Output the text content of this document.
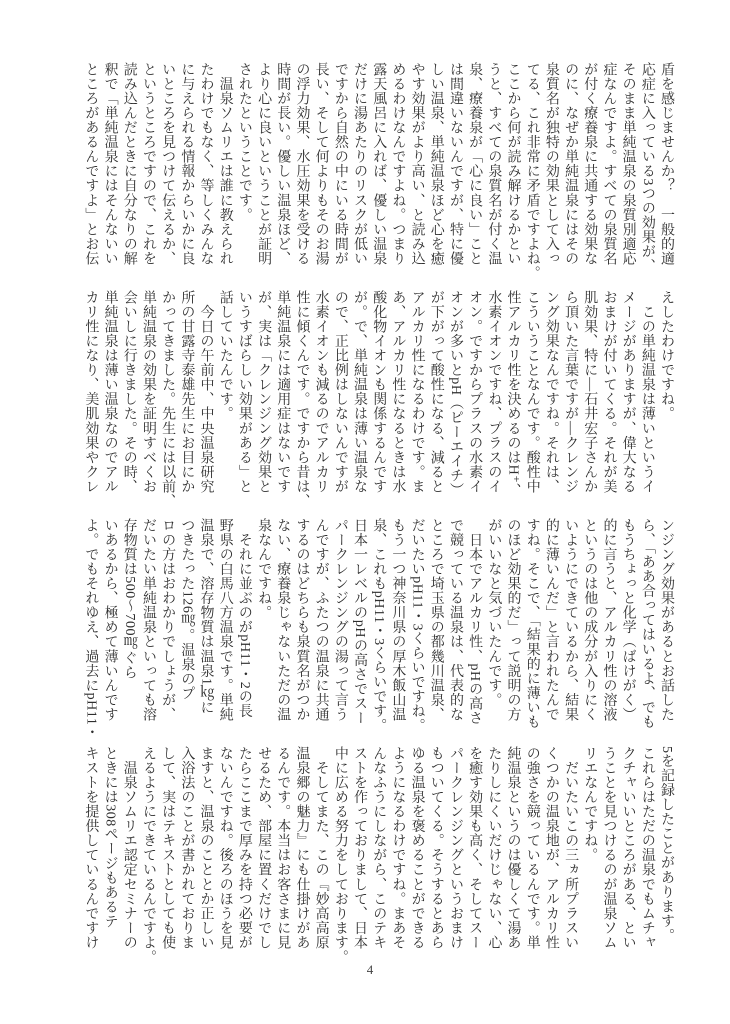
盾を感じませんか？　一般的適
応症に入っている3つの効果が、
そのまま単純温泉の泉質別適応
症なんですよ。すべての泉質名
が付く療養泉に共通する効果な
のに、なぜか単純温泉にはその
泉質名が独特の効果として入っ
てる、これ非常に矛盾ですよね。
ここから何が読み解けるかとい
うと、すべての泉質名が付く温
泉、療養泉が「心に良い」こと
は間違いないんですが、特に優
しい温泉、単純温泉ほど心を癒
やす効果がより高い、と読み込
めるわけなんですよね。つまり
露天風呂に入れば、優しい温泉
だけに湯あたりのリスクが低い
ですから自然の中にいる時間が
長い、そして何よりもそのお湯
の浮力効果、水圧効果を受ける
時間が長い。優しい温泉ほど、
より心に良いということが証明
されたということです。
　温泉ソムリエは誰に教えられ
たわけでもなく、等しくみんな
に与えられる情報からいかに良
いところを見つけて伝えるか、
というところですので、これを
読み込んだときに自分なりの解
釈で「単純温泉にはそんないい
ところがあるんですよ」とお伝
えしたわけですね。
　この単純温泉は薄いというイ
メージがありますが、偉大なる
おまけが付いてくる。それが美
肌効果、特に―石井宏子さんか
ら頂いた言葉ですが―クレンジ
ング効果なんですね。それは、
こういうことなんです。酸性中
性アルカリ性を決めるのはH⁺、
水素イオンですね、プラスのイ
オン。ですからプラスの水素イ
オンが多いとpH（ピーエイチ）
が下がって酸性になる、減ると
アルカリ性になるわけです。ま
あ、アルカリ性になるときは水
酸化物イオンも関係するんです
が。で、単純温泉は薄い温泉な
ので、正比例はしないんですが
水素イオンも減るのでアルカリ
性に傾くんです。ですから昔は、
単純温泉には適用症はないです
が、実は「クレンジング効果と
いうすばらしい効果がある」と
話していたんです。
　今日の午前中、中央温泉研究
所の甘露寺泰雄先生にお目にか
かってきました。先生には以前、
単純温泉の効果を証明すべくお
会いしに行きました。その時、
単純温泉は薄い温泉なのでアル
カリ性になり、美肌効果やクレ
ンジング効果があるとお話した
ら、「ああ合ってはいるよ、でも
もうちょっと化学（ばけがく）
的に言うと、アルカリ性の溶液
というのは他の成分が入りにく
いようにできているから、結果
的に薄いんだ」と言われたんで
すね。そこで、「結果的に薄いも
のほど効果的だ」って説明の方
がいいなと気づいたんです。
　日本でアルカリ性、pHの高さ
で競っている温泉は、代表的な
ところで埼玉県の都幾川温泉、
だいたいpH11・3くらいですね。
もう一つ神奈川県の厚木飯山温
泉、これもpH11・3くらいです。
日本一レベルのpHの高さでスー
パークレンジングの湯って言う
んですが、ふたつの温泉に共通
するのはどちらも泉質名がつか
ない、療養泉じゃないただの温
泉なんですね。
　それに並ぶのがpH11・2の長
野県の白馬八方温泉です。単純
温泉で、溶存物質は温泉1㎏に
つきたった126㎎。温泉のプ
ロの方はおわかりでしょうが、
だいたい単純温泉といっても溶
存物質は500〜700㎎ぐら
いあるから、極めて薄いんです
よ。でもそれゆえ、過去にpH11・
5を記録したことがあります。
これらはただの温泉でもムチャ
クチャいいところがある、とい
うことを見つけるのが温泉ソム
リエなんですね。
　だいたいこの三ヵ所プラスい
くつかの温泉地が、アルカリ性
の強さを競っているんです。単
純温泉というのは優しくて湯あ
たりしにくいだけじゃない、心
を癒す効果も高く、そしてスー
パークレンジングというおまけ
もついてくる。そうするとあら
ゆる温泉を褒めることができる
ようになるわけですね。まあそ
んなふうにしながら、このテキ
ストを作っておりまして、日本
中に広める努力をしております。
　そしてまた、この『妙高高原
温泉郷の魅力』にも仕掛けがあ
るんです。本当はお客さまに見
せるため、部屋に置くだけでし
たらここまで厚みを持つ必要が
ないんですね。後ろのほうを見
ますと、温泉のこととか正しい
入浴法のことが書かれておりま
して、実はテキストとしても使
えるようにできているんですよ。
　温泉ソムリエ認定セミナーの
ときには308ページもあるテ
キストを提供しているんですけ
4
